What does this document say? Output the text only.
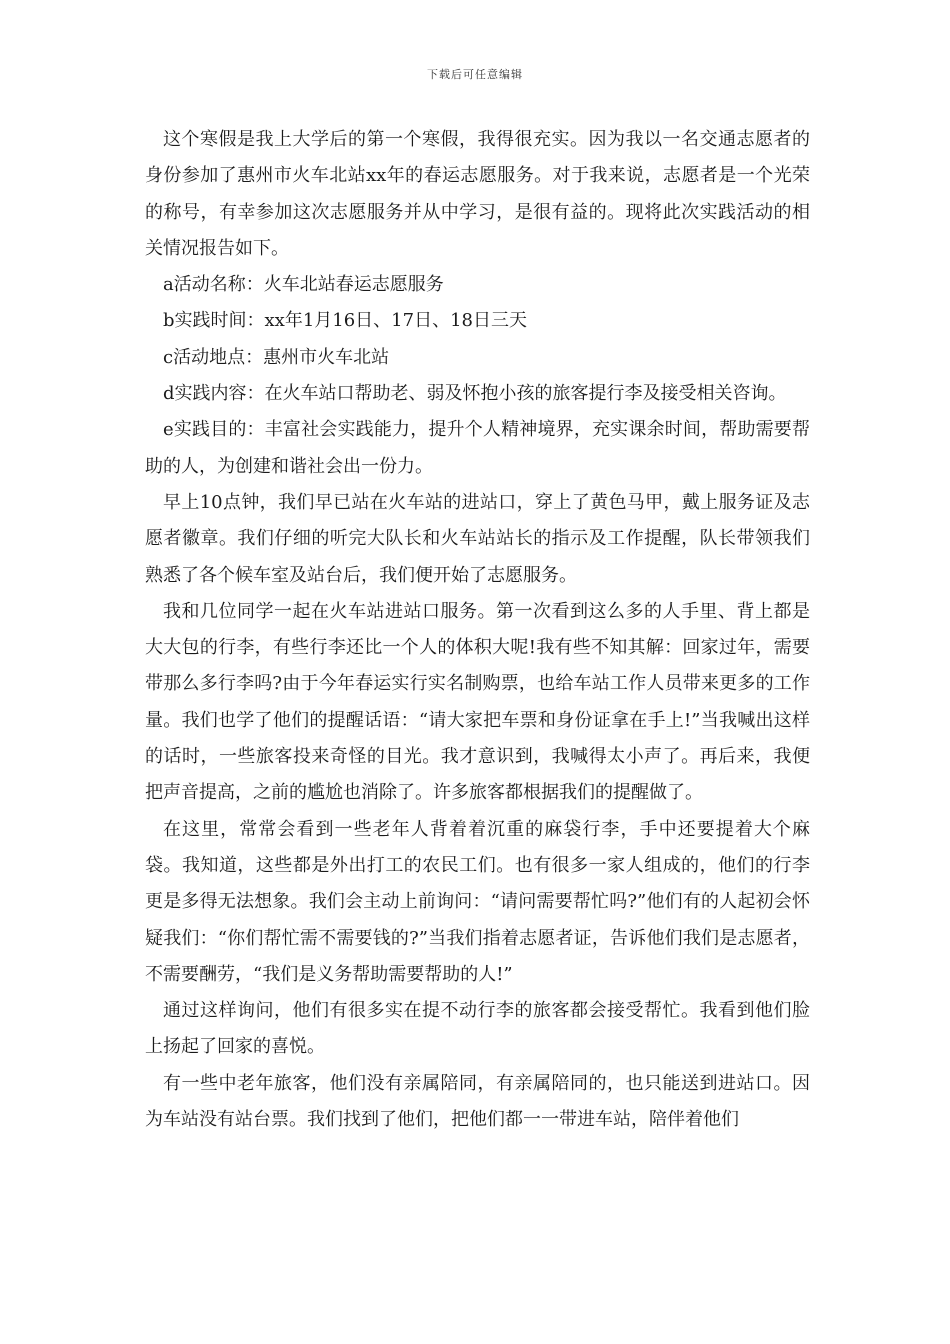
下载后可任意编辑

这个寒假是我上大学后的第一个寒假，我得很充实。因为我以一名交通志愿者的身份参加了惠州市火车北站xx年的春运志愿服务。对于我来说，志愿者是一个光荣的称号，有幸参加这次志愿服务并从中学习，是很有益的。现将此次实践活动的相关情况报告如下。

a活动名称：火车北站春运志愿服务

b实践时间：xx年1月16日、17日、18日三天

c活动地点：惠州市火车北站

d实践内容：在火车站口帮助老、弱及怀抱小孩的旅客提行李及接受相关咨询。

e实践目的：丰富社会实践能力，提升个人精神境界，充实课余时间，帮助需要帮助的人，为创建和谐社会出一份力。

早上10点钟，我们早已站在火车站的进站口，穿上了黄色马甲，戴上服务证及志愿者徽章。我们仔细的听完大队长和火车站站长的指示及工作提醒，队长带领我们熟悉了各个候车室及站台后，我们便开始了志愿服务。

我和几位同学一起在火车站进站口服务。第一次看到这么多的人手里、背上都是大大包的行李，有些行李还比一个人的体积大呢!我有些不知其解：回家过年，需要带那么多行李吗?由于今年春运实行实名制购票，也给车站工作人员带来更多的工作量。我们也学了他们的提醒话语：“请大家把车票和身份证拿在手上!”当我喊出这样的话时，一些旅客投来奇怪的目光。我才意识到，我喊得太小声了。再后来，我便把声音提高，之前的尴尬也消除了。许多旅客都根据我们的提醒做了。

在这里，常常会看到一些老年人背着着沉重的麻袋行李，手中还要提着大个麻袋。我知道，这些都是外出打工的农民工们。也有很多一家人组成的，他们的行李更是多得无法想象。我们会主动上前询问：“请问需要帮忙吗?”他们有的人起初会怀疑我们：“你们帮忙需不需要钱的?”当我们指着志愿者证，告诉他们我们是志愿者，不需要酬劳，“我们是义务帮助需要帮助的人!”

通过这样询问，他们有很多实在提不动行李的旅客都会接受帮忙。我看到他们脸上扬起了回家的喜悦。

有一些中老年旅客，他们没有亲属陪同，有亲属陪同的，也只能送到进站口。因为车站没有站台票。我们找到了他们，把他们都一一带进车站，陪伴着他们
